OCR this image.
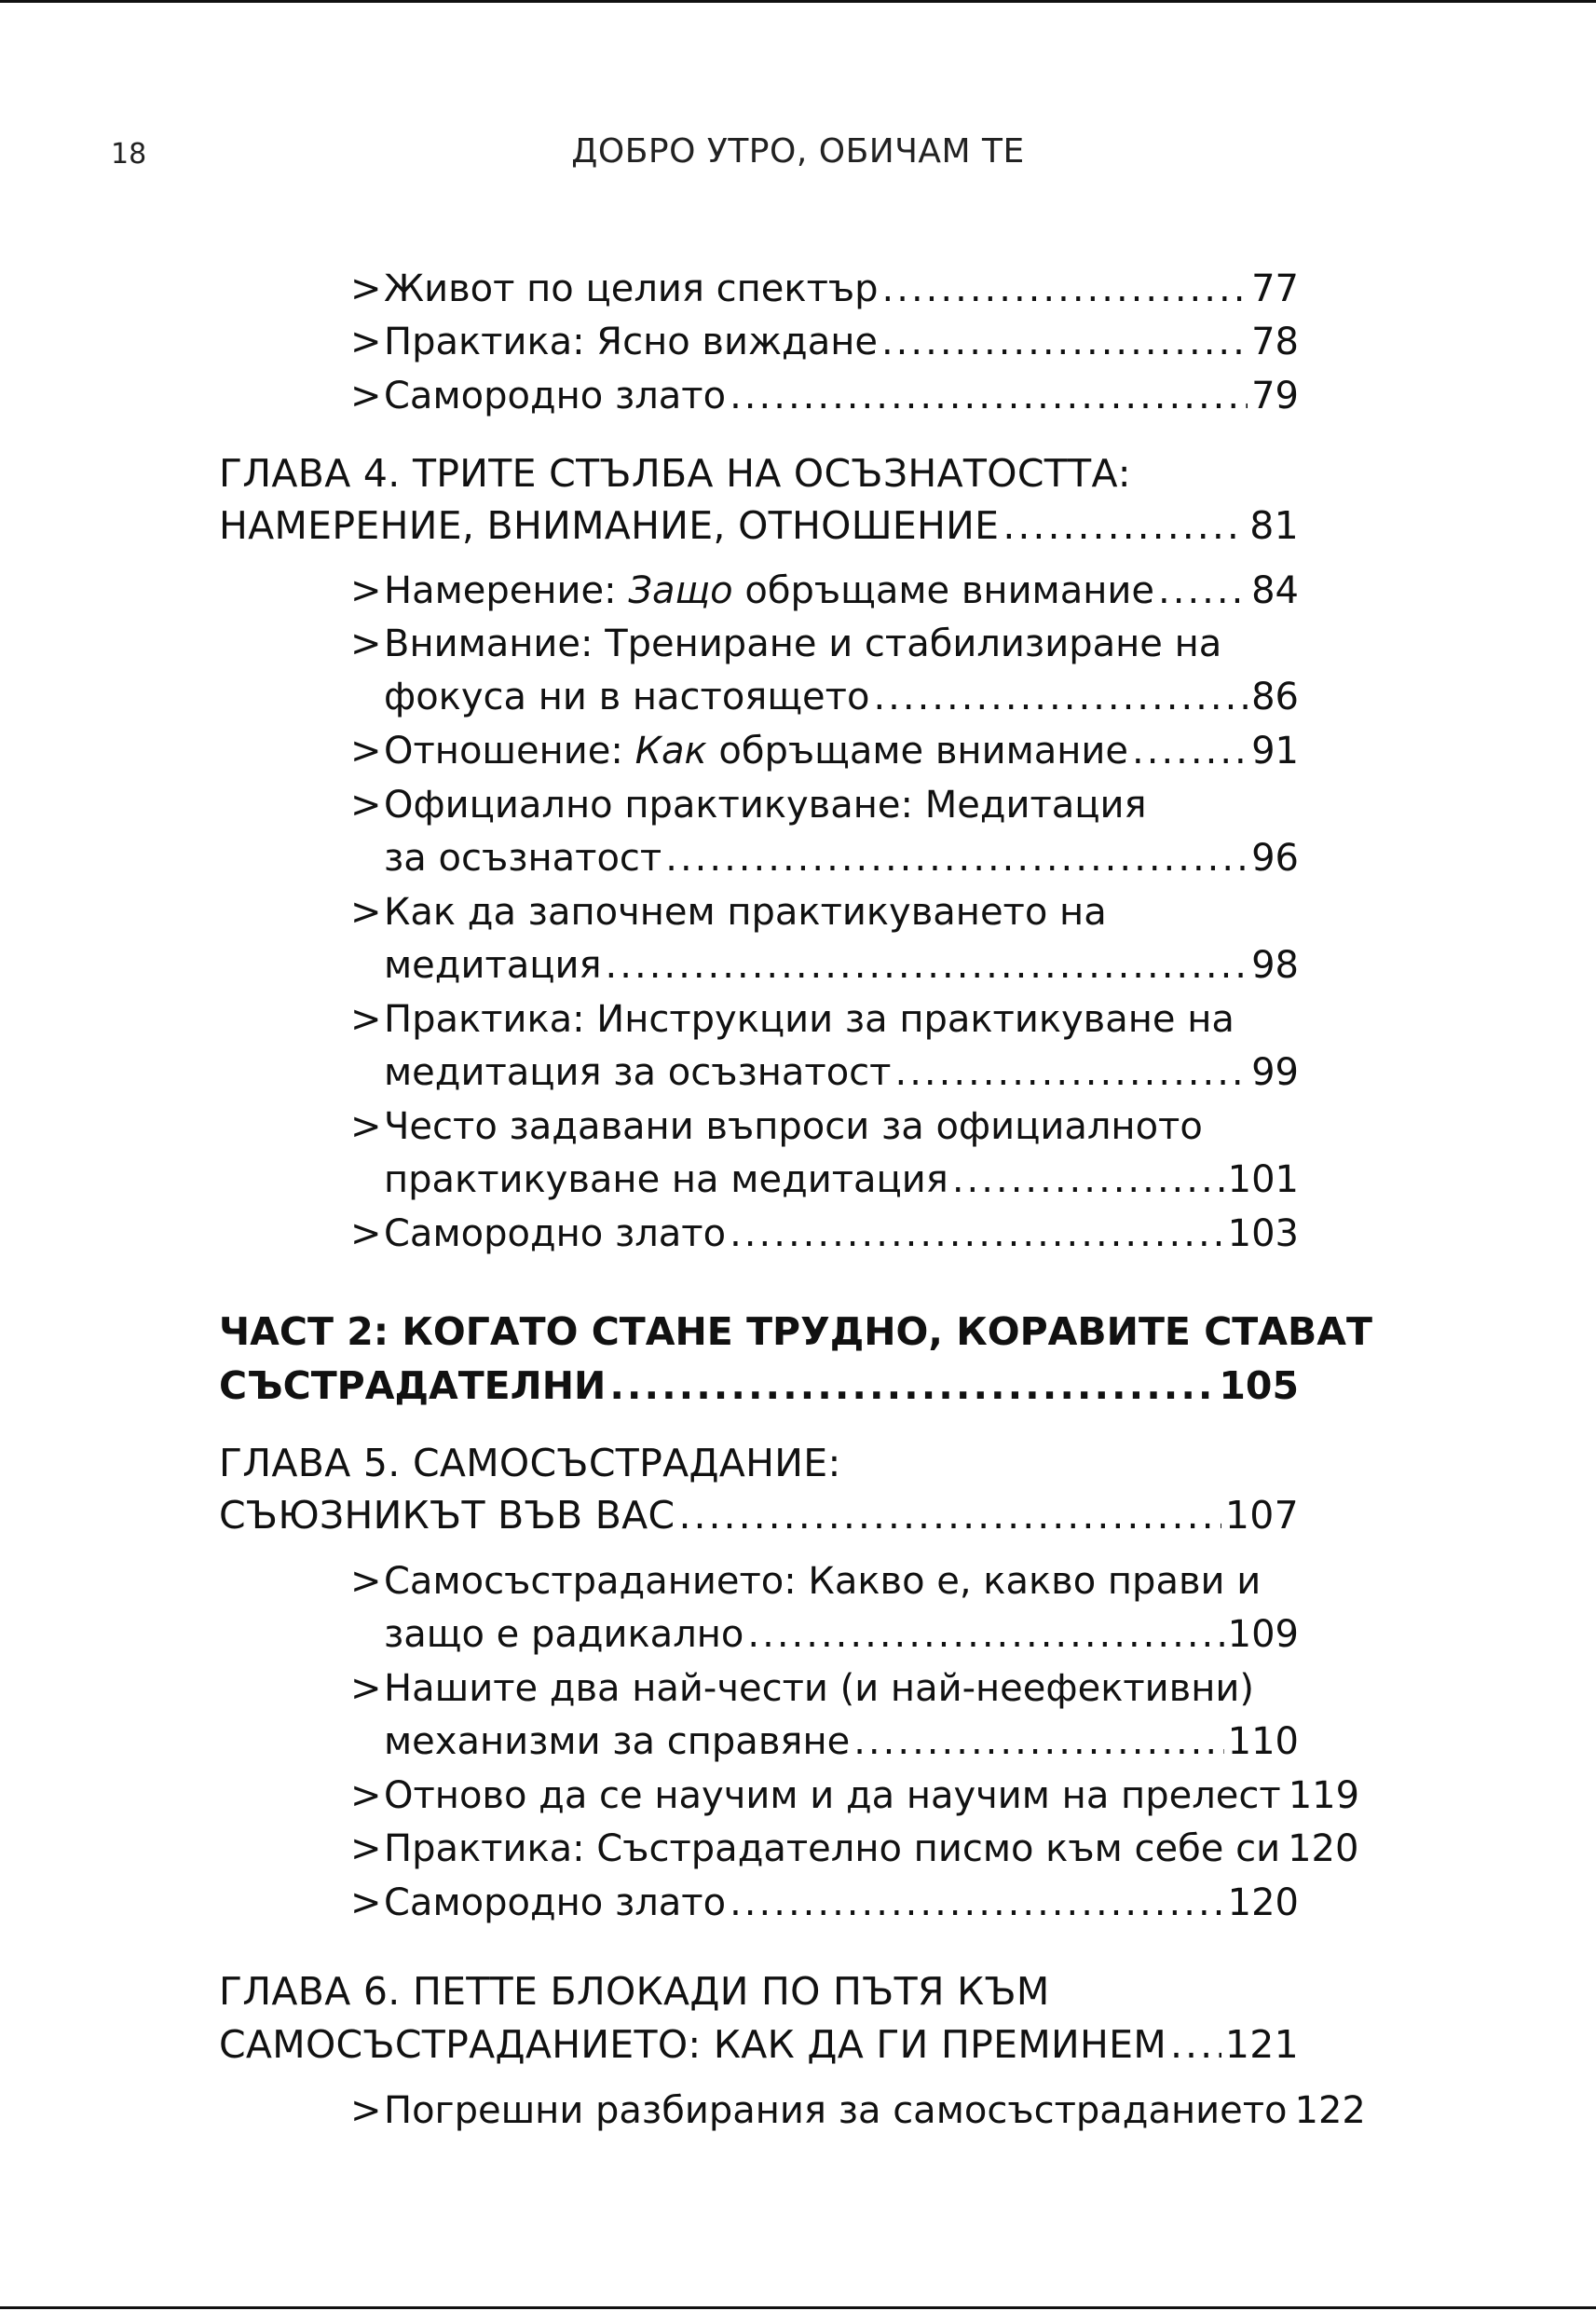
18	ДОБРО УТРО, ОБИЧАМ ТЕ
>Живот по целия спектър .....	77
>Практика: Ясно виждане .....	78
>Самородно злато .....	79
ГЛАВА 4. ТРИТЕ СТЪЛБА НА ОСЪЗНАТОСТТА:
НАМЕРЕНИЕ, ВНИМАНИЕ, ОТНОШЕНИЕ .....	81
>Намерение: Защо обръщаме внимание .....	84
>Внимание: Трениране и стабилизиране на
фокуса ни в настоящето .....	86
>Отношение: Как обръщаме внимание .....	91
>Официално практикуване: Медитация
за осъзнатост .....	96
>Как да започнем практикуването на
медитация .....	98
>Практика: Инструкции за практикуване на
медитация за осъзнатост .....	99
>Често задавани въпроси за официалното
практикуване на медитация .....	101
>Самородно злато .....	103
ЧАСТ 2: КОГАТО СТАНЕ ТРУДНО, КОРАВИТЕ СТАВАТ
СЪСТРАДАТЕЛНИ .....	105
ГЛАВА 5. САМОСЪСТРАДАНИЕ:
СЪЮЗНИКЪТ ВЪВ ВАС .....	107
>Самосъстраданието: Какво е, какво прави и
защо е радикално .....	109
>Нашите два най-чести (и най-неефективни)
механизми за справяне .....	110
>Отново да се научим и да научим на прелест 119
>Практика: Състрадателно писмо към себе си 120
>Самородно злато .....	120
ГЛАВА 6. ПЕТТЕ БЛОКАДИ ПО ПЪТЯ КЪМ
САМОСЪСТРАДАНИЕТО: КАК ДА ГИ ПРЕМИНЕМ ..... 121
>Погрешни разбирания за самосъстраданието 122
